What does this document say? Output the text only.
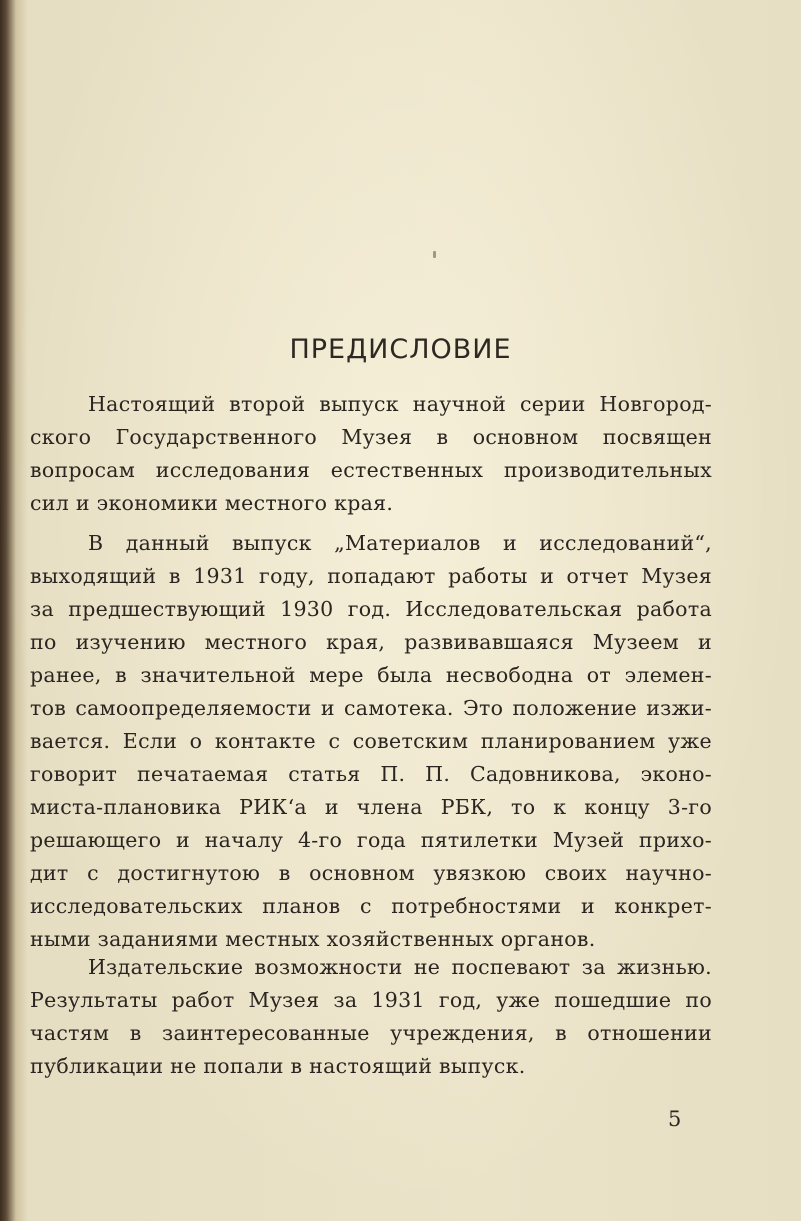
ПРЕДИСЛОВИЕ
Настоящий второй выпуск научной серии Новгород-
ского Государственного Музея в основном посвящен
вопросам исследования естественных производительных
сил и экономики местного края.
В данный выпуск „Материалов и исследований“,
выходящий в 1931 году, попадают работы и отчет Музея
за предшествующий 1930 год. Исследовательская работа
по изучению местного края, развивавшаяся Музеем и
ранее, в значительной мере была несвободна от элемен-
тов самоопределяемости и самотека. Это положение изжи-
вается. Если о контакте с советским планированием уже
говорит печатаемая статья П. П. Садовникова, эконо-
миста-плановика РИК‘а и члена РБК, то к концу 3-го
решающего и началу 4-го года пятилетки Музей прихо-
дит с достигнутою в основном увязкою своих научно-
исследовательских планов с потребностями и конкрет-
ными заданиями местных хозяйственных органов.
Издательские возможности не поспевают за жизнью.
Результаты работ Музея за 1931 год, уже пошедшие по
частям в заинтересованные учреждения, в отношении
публикации не попали в настоящий выпуск.
5
